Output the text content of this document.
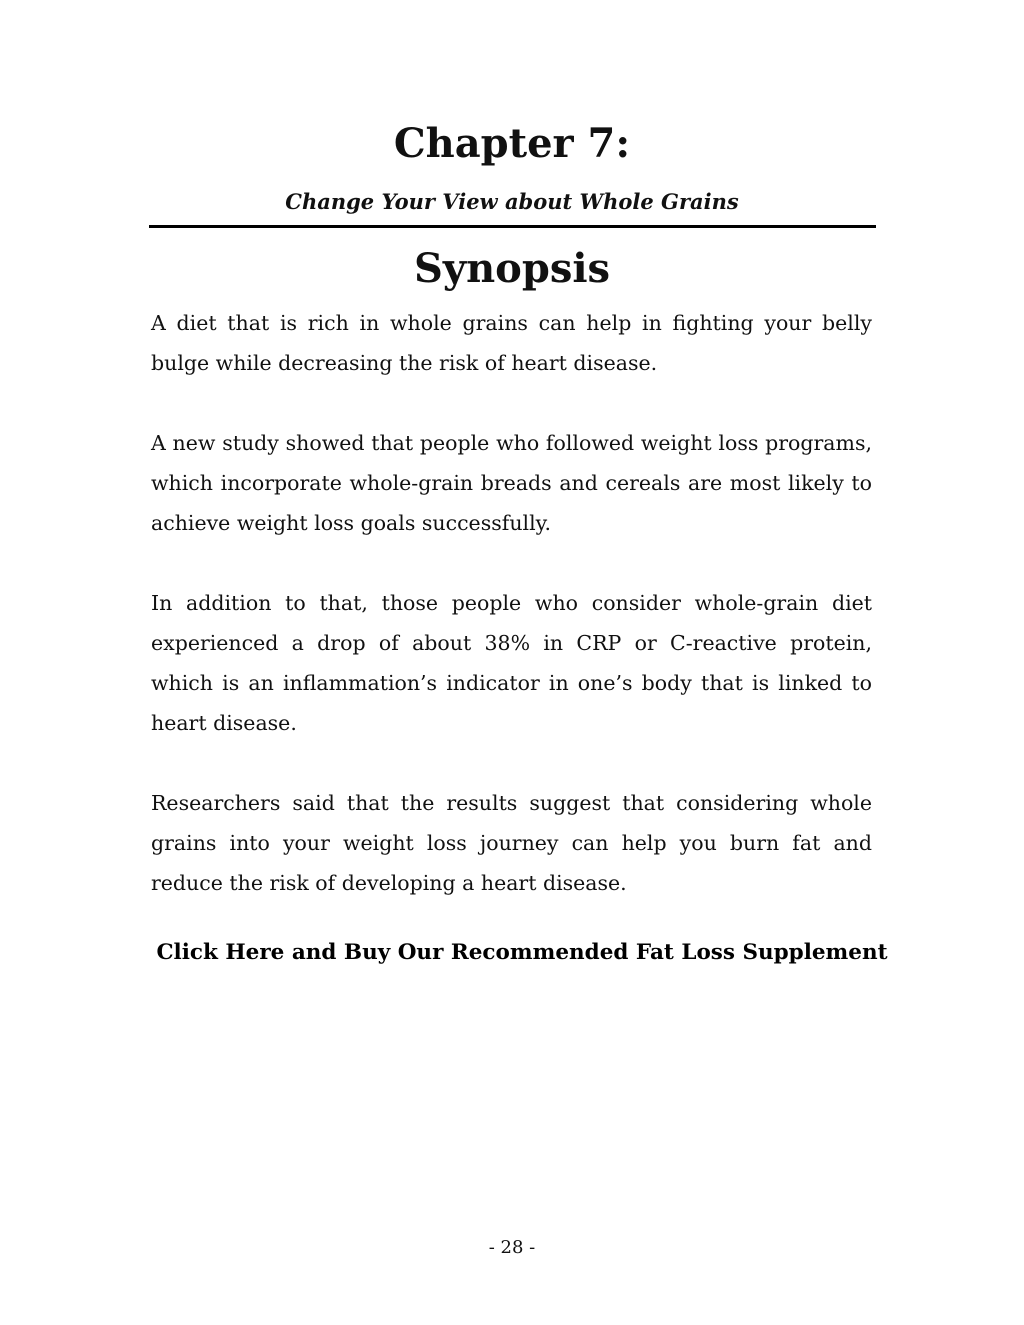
Chapter 7:
Change Your View about Whole Grains
Synopsis

A diet that is rich in whole grains can help in fighting your belly bulge while decreasing the risk of heart disease.

A new study showed that people who followed weight loss programs, which incorporate whole-grain breads and cereals are most likely to achieve weight loss goals successfully.

In addition to that, those people who consider whole-grain diet experienced a drop of about 38% in CRP or C-reactive protein, which is an inflammation’s indicator in one’s body that is linked to heart disease.

Researchers said that the results suggest that considering whole grains into your weight loss journey can help you burn fat and reduce the risk of developing a heart disease.

Click Here and Buy Our Recommended Fat Loss Supplement
- 28 -
